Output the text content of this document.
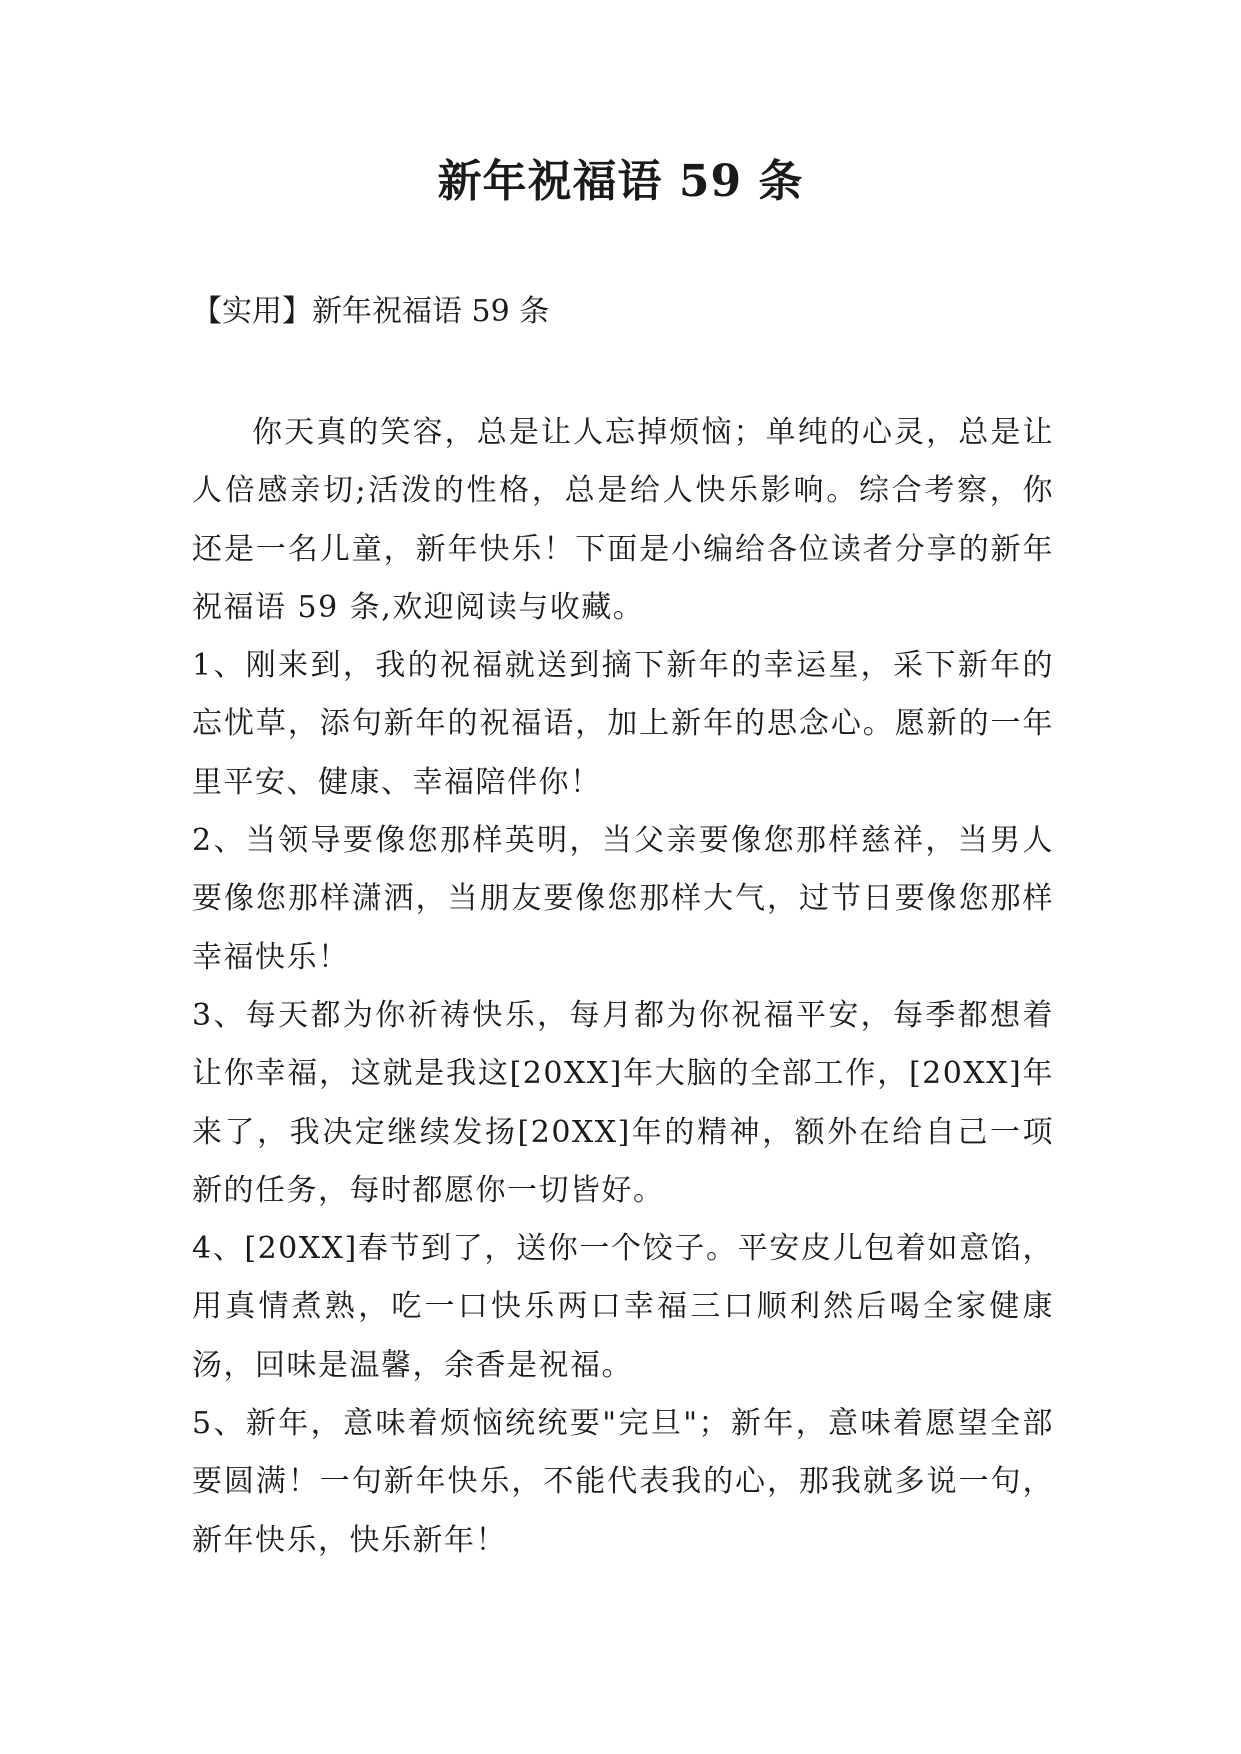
新年祝福语 59 条

【实用】新年祝福语 59 条

你天真的笑容，总是让人忘掉烦恼；单纯的心灵，总是让人倍感亲切;活泼的性格，总是给人快乐影响。综合考察，你还是一名儿童，新年快乐！下面是小编给各位读者分享的新年祝福语 59 条,欢迎阅读与收藏。

1、刚来到，我的祝福就送到摘下新年的幸运星，采下新年的忘忧草，添句新年的祝福语，加上新年的思念心。愿新的一年里平安、健康、幸福陪伴你！

2、当领导要像您那样英明，当父亲要像您那样慈祥，当男人要像您那样潇洒，当朋友要像您那样大气，过节日要像您那样幸福快乐！

3、每天都为你祈祷快乐，每月都为你祝福平安，每季都想着让你幸福，这就是我这[20XX]年大脑的全部工作，[20XX]年来了，我决定继续发扬[20XX]年的精神，额外在给自己一项新的任务，每时都愿你一切皆好。

4、[20XX]春节到了，送你一个饺子。平安皮儿包着如意馅，用真情煮熟，吃一口快乐两口幸福三口顺利然后喝全家健康汤，回味是温馨，余香是祝福。

5、新年，意味着烦恼统统要"完旦"；新年，意味着愿望全部要圆满！一句新年快乐，不能代表我的心，那我就多说一句，新年快乐，快乐新年！
